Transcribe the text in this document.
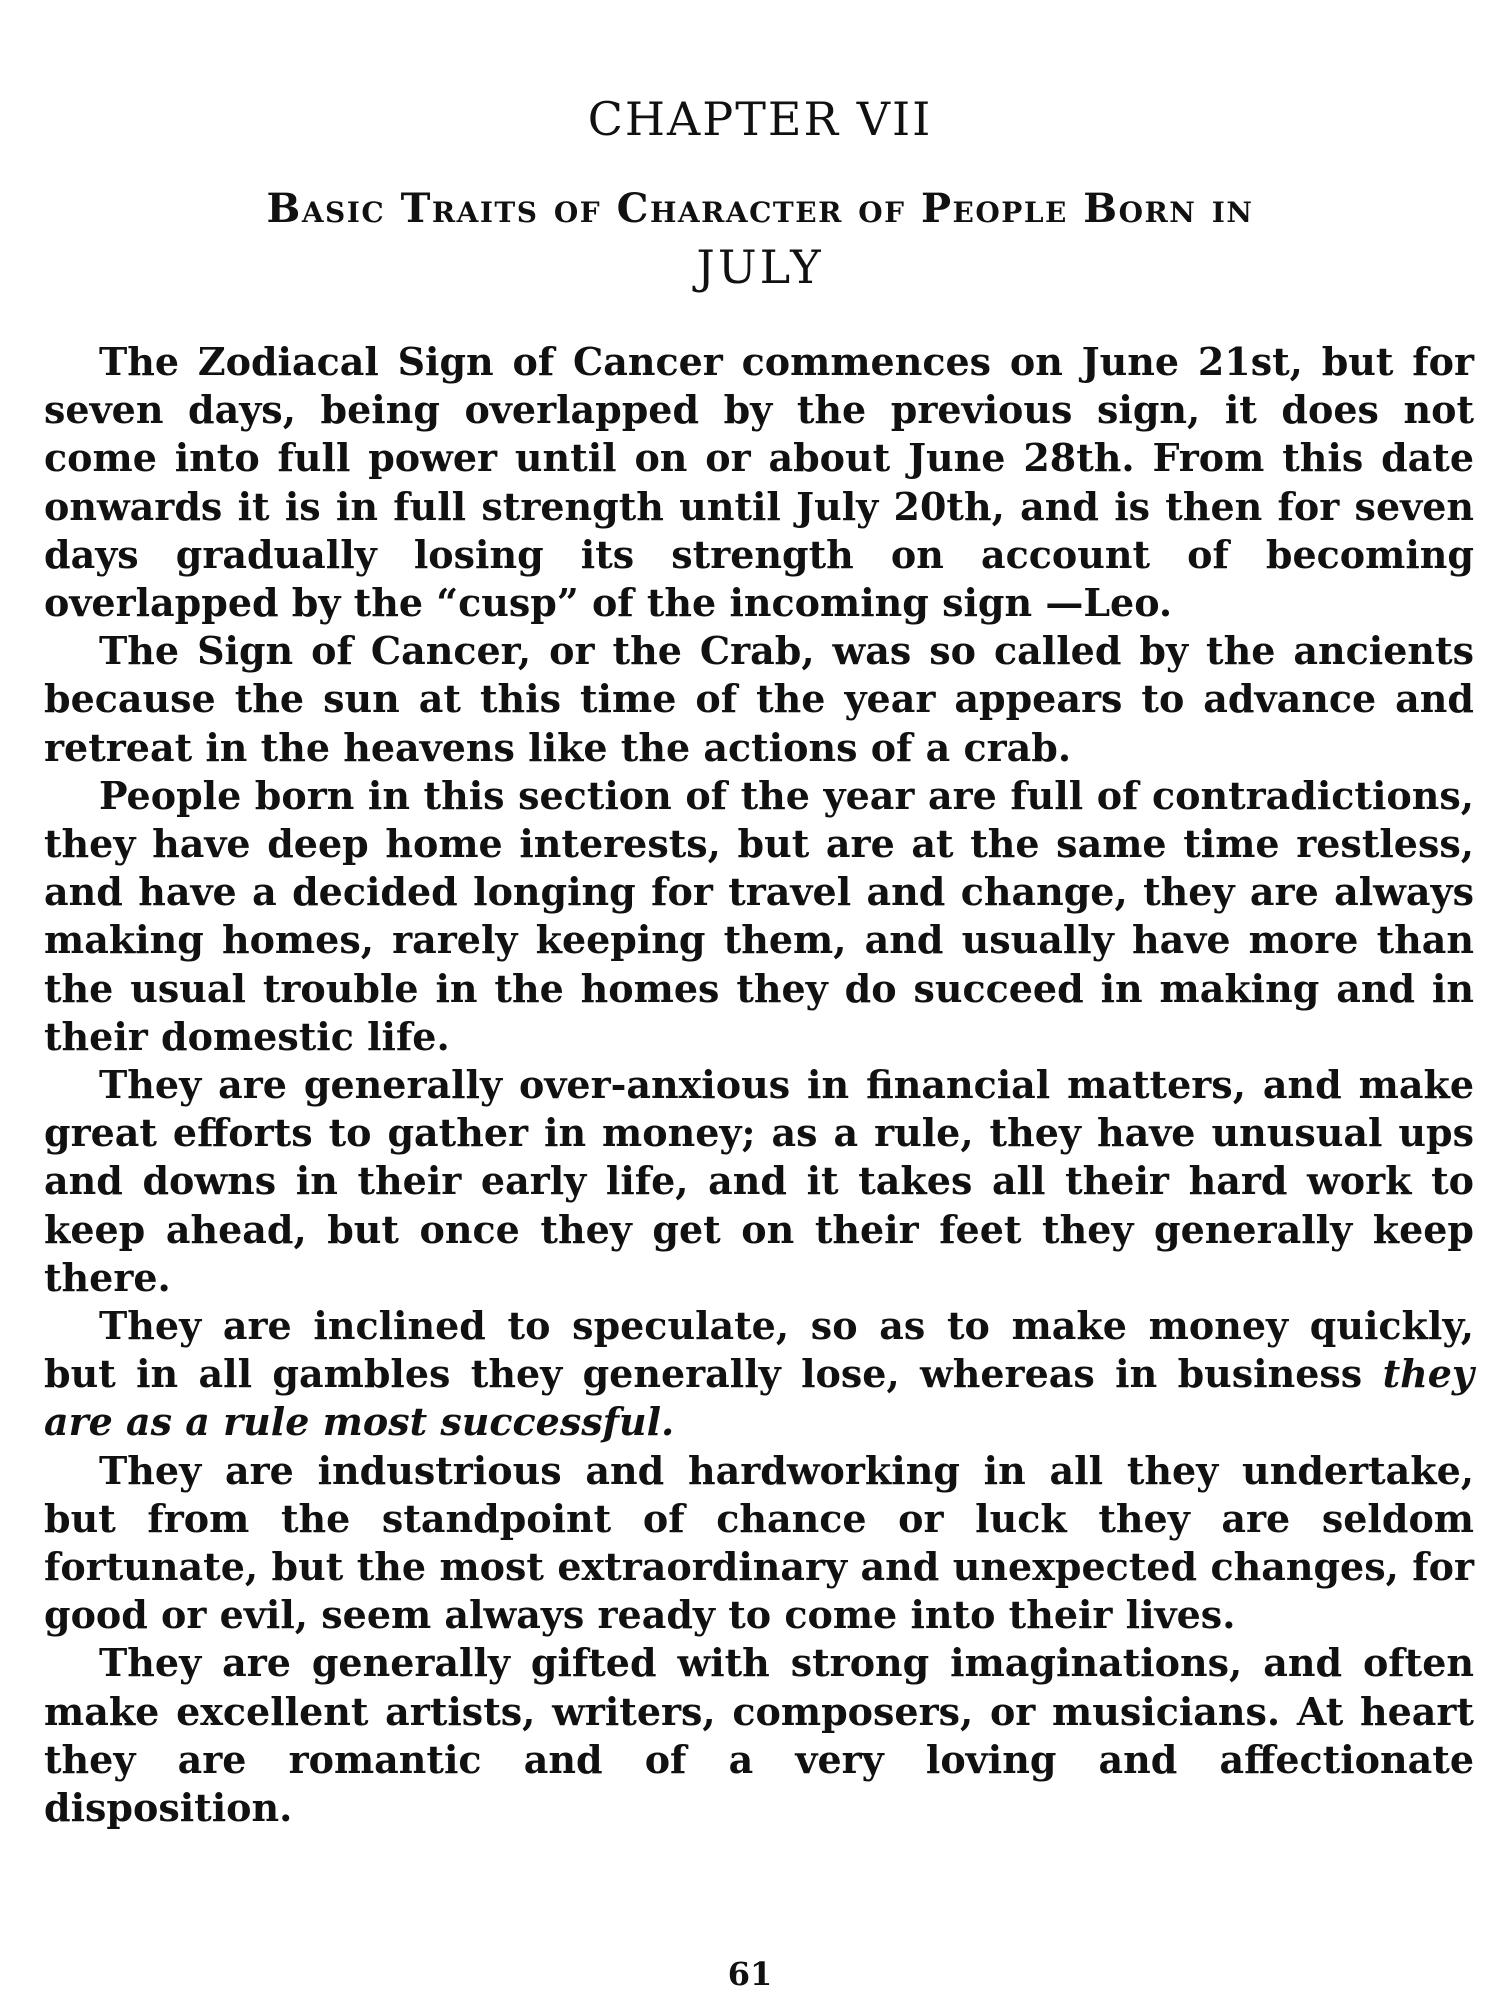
CHAPTER VII
Basic Traits of Character of People Born in
JULY

The Zodiacal Sign of Cancer commences on June 21st, but for seven days, being overlapped by the previous sign, it does not come into full power until on or about June 28th. From this date onwards it is in full strength until July 20th, and is then for seven days gradually losing its strength on account of becoming overlapped by the “cusp” of the incoming sign —Leo.

The Sign of Cancer, or the Crab, was so called by the ancients because the sun at this time of the year appears to advance and retreat in the heavens like the actions of a crab.

People born in this section of the year are full of contradictions, they have deep home interests, but are at the same time restless, and have a decided longing for travel and change, they are always making homes, rarely keeping them, and usually have more than the usual trouble in the homes they do succeed in making and in their domestic life.

They are generally over-anxious in financial matters, and make great efforts to gather in money; as a rule, they have unusual ups and downs in their early life, and it takes all their hard work to keep ahead, but once they get on their feet they generally keep there.

They are inclined to speculate, so as to make money quickly, but in all gambles they generally lose, whereas in business they are as a rule most successful.

They are industrious and hardworking in all they undertake, but from the standpoint of chance or luck they are seldom fortunate, but the most extraordinary and unexpected changes, for good or evil, seem always ready to come into their lives.

They are generally gifted with strong imaginations, and often make excellent artists, writers, composers, or musicians. At heart they are romantic and of a very loving and affectionate disposition.

61
